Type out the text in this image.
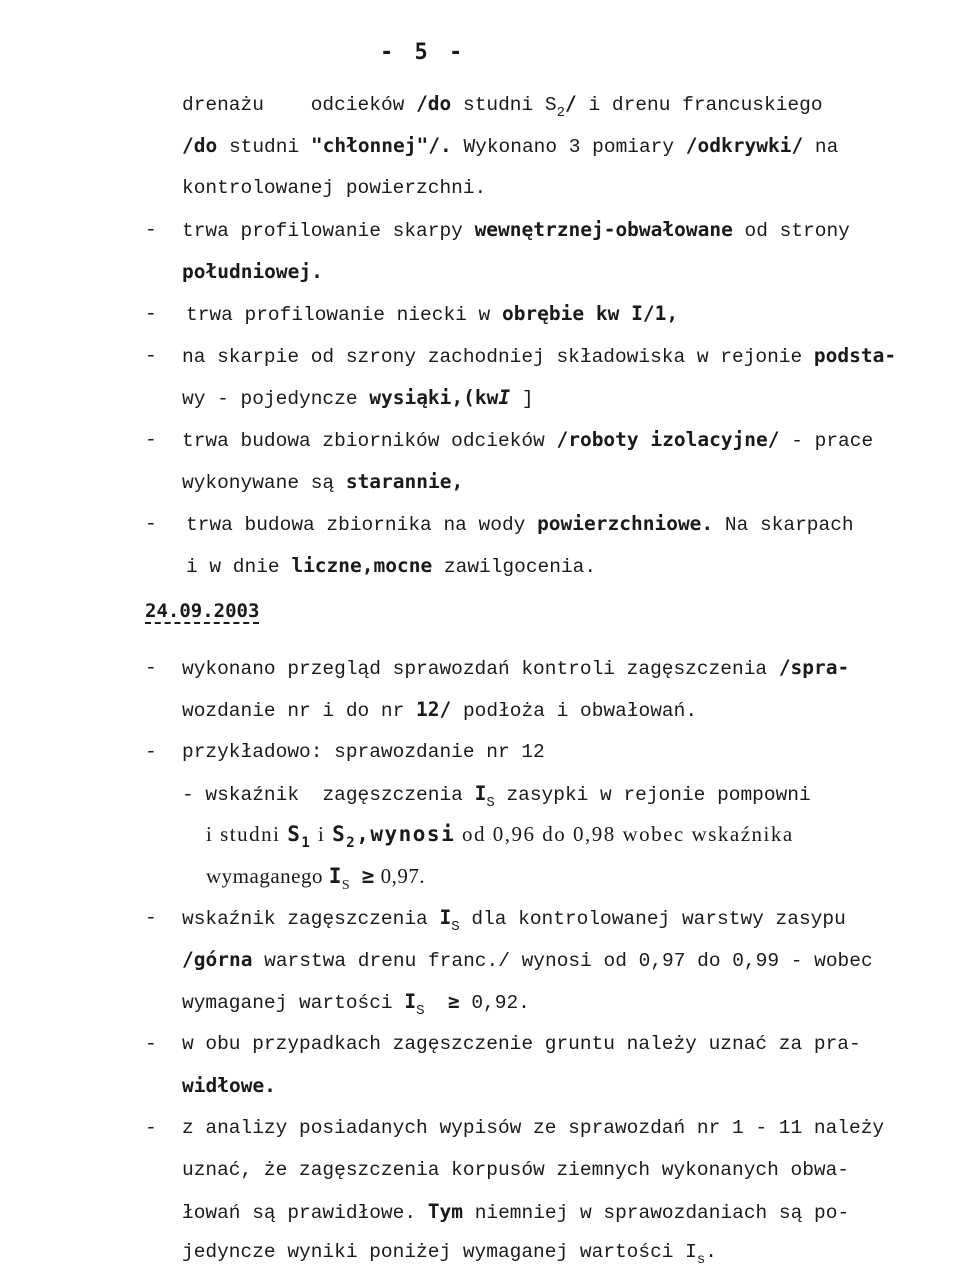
- 5 -
drenażu odcieków /do studni $S_2/$ i drenu francuskiego
/do studni "chłonnej"/. Wykonano 3 pomiary /odkrywki/ na
kontrolowanej powierzchni.
- trwa profilowanie skarpy wewnętrznej-obwałowane od strony
południowej.
- trwa profilowanie niecki w obrębie kw I/1,
- na skarpie od szrony zachodniej składowiska w rejonie podsta-
wy - pojedyncze wysiąki,(kwI ]
- trwa budowa zbiorników odcieków /roboty izolacyjne/ - prace
wykonywane są starannie,
- trwa budowa zbiornika na wody powierzchniowe. Na skarpach
i w dnie liczne,mocne zawilgocenia.
24.09.2003
- wykonano przegląd sprawozdań kontroli zagęszczenia /spra-
wozdanie nr i do nr 12/ podłoża i obwałowań.
- przykładowo: sprawozdanie nr 12
- wskaźnik zagęszczenia $I_S$ zasypki w rejonie pompowni
i studni $S_1$ i $S_2,wynosi$ od 0,96 do 0,98 wobec wskaźnika
wymaganego $I_S \ge 0,97$.
- wskaźnik zagęszczenia $I_S$ dla kontrolowanej warstwy zasypu
/górna warstwa drenu franc./ wynosi od 0,97 do 0,99 - wobec
wymaganej wartości $I_S \ge 0,92$.
- w obu przypadkach zagęszczenie gruntu należy uznać za pra-
widłowe.
- z analizy posiadanych wypisów ze sprawozdań nr 1 - 11 należy
uznać, że zagęszczenia korpusów ziemnych wykonanych obwa-
łowań są prawidłowe. Tym niemniej w sprawozdaniach są po-
jedyncze wyniki poniżej wymaganej wartości $I_s$.
